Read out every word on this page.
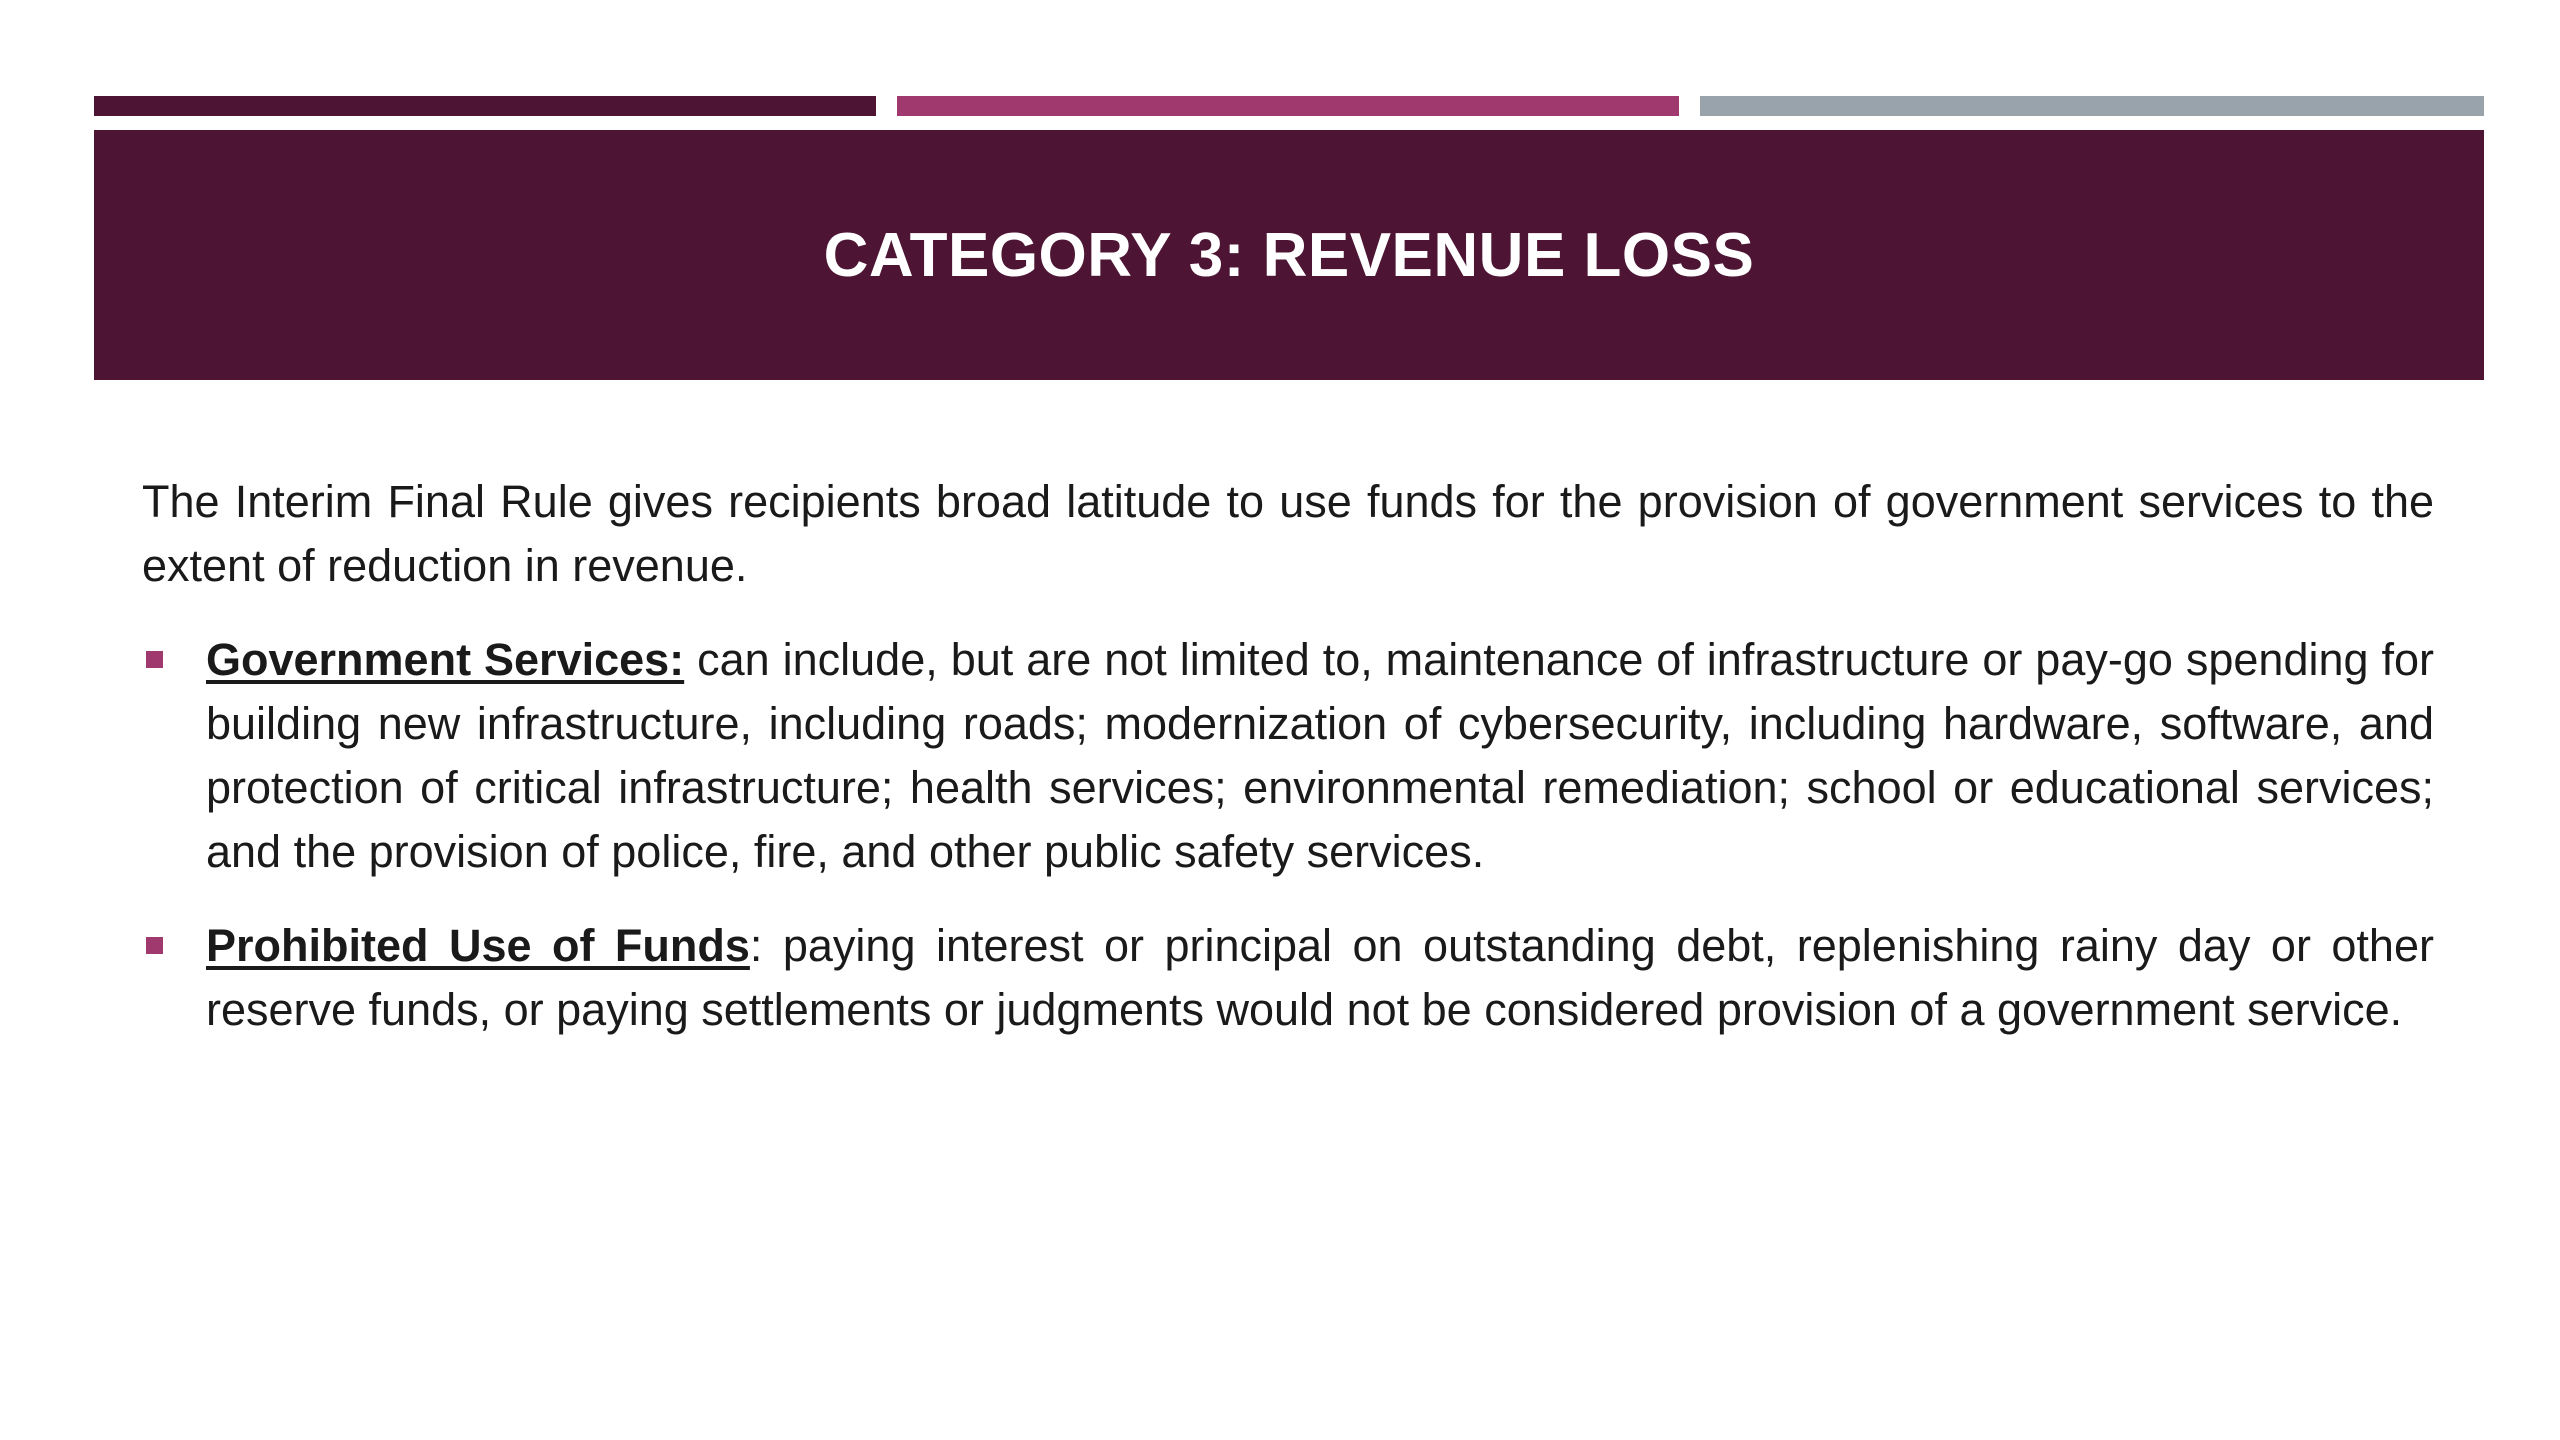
CATEGORY 3: REVENUE LOSS

The Interim Final Rule gives recipients broad latitude to use funds for the provision of government services to the extent of reduction in revenue.

Government Services: can include, but are not limited to, maintenance of infrastructure or pay-go spending for building new infrastructure, including roads; modernization of cybersecurity, including hardware, software, and protection of critical infrastructure; health services; environmental remediation; school or educational services; and the provision of police, fire, and other public safety services.
Prohibited Use of Funds: paying interest or principal on outstanding debt, replenishing rainy day or other reserve funds, or paying settlements or judgments would not be considered provision of a government service.
